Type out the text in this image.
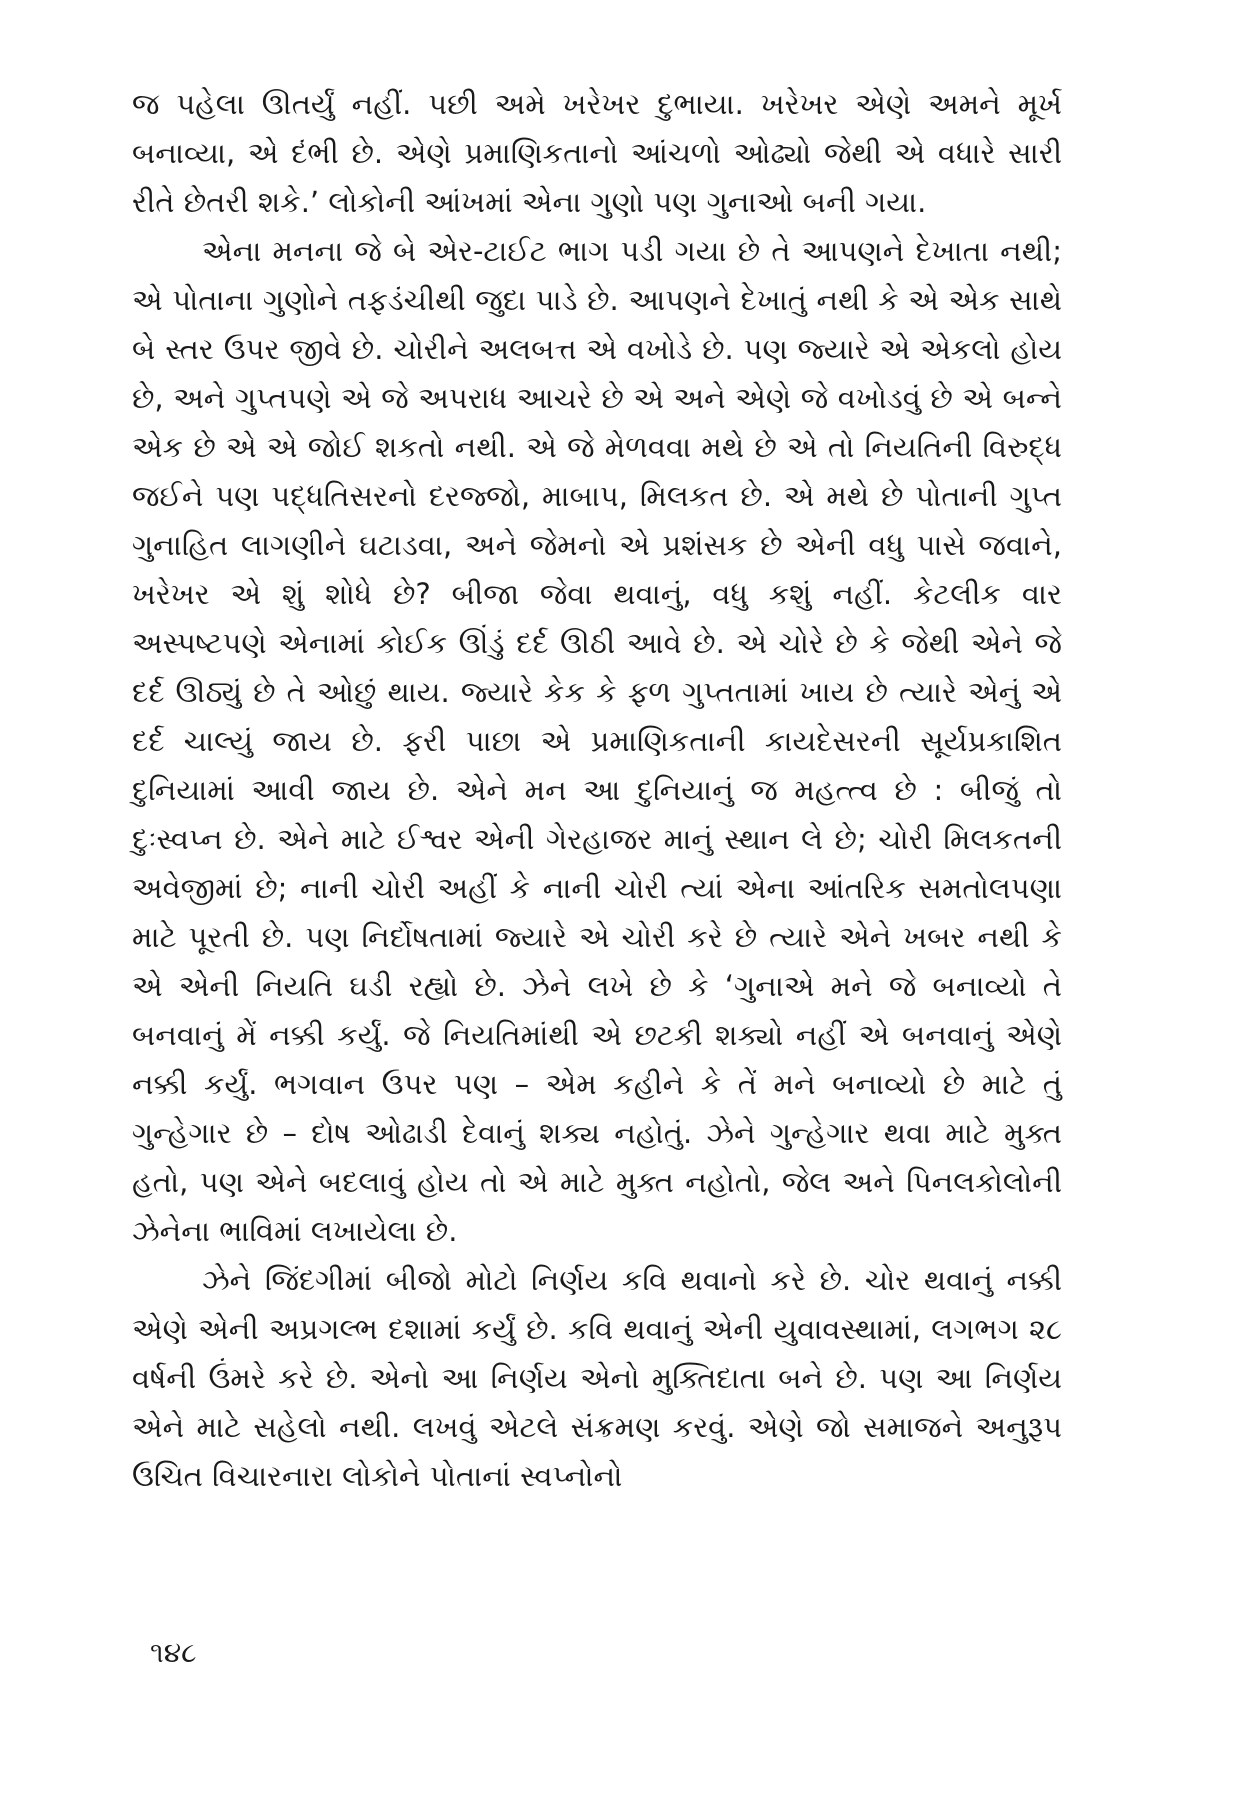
જ પહેલા ઊતર્યું નહીં. પછી અમે ખરેખર દુભાયા. ખરેખર એણે અમને મૂર્ખ બનાવ્યા, એ દંભી છે. એણે પ્રમાણિકતાનો આંચળો ઓઢ્યો જેથી એ વધારે સારી રીતે છેતરી શકે.’ લોકોની આંખમાં એના ગુણો પણ ગુનાઓ બની ગયા.

એના મનના જે બે એર-ટાઈટ ભાગ પડી ગયા છે તે આપણને દેખાતા નથી; એ પોતાના ગુણોને તફડંચીથી જુદા પાડે છે. આપણને દેખાતું નથી કે એ એક સાથે બે સ્તર ઉપર જીવે છે. ચોરીને અલબત્ત એ વખોડે છે. પણ જ્યારે એ એકલો હોય છે, અને ગુપ્તપણે એ જે અપરાધ આચરે છે એ અને એણે જે વખોડવું છે એ બન્ને એક છે એ એ જોઈ શકતો નથી. એ જે મેળવવા મથે છે એ તો નિયતિની વિરુદ્ધ જઈને પણ પદ્ધતિસરનો દરજ્જો, માબાપ, મિલકત છે. એ મથે છે પોતાની ગુપ્ત ગુનાહિત લાગણીને ઘટાડવા, અને જેમનો એ પ્રશંસક છે એની વધુ પાસે જવાને, ખરેખર એ શું શોધે છે? બીજા જેવા થવાનું, વધુ કશું નહીં. કેટલીક વાર અસ્પષ્ટપણે એનામાં કોઈક ઊંડું દર્દ ઊઠી આવે છે. એ ચોરે છે કે જેથી એને જે દર્દ ઊઠ્યું છે તે ઓછું થાય. જ્યારે કેક કે ફળ ગુપ્તતામાં ખાય છે ત્યારે એનું એ દર્દ ચાલ્યું જાય છે. ફરી પાછા એ પ્રમાણિકતાની કાયદેસરની સૂર્યપ્રકાશિત દુનિયામાં આવી જાય છે. એને મન આ દુનિયાનું જ મહત્ત્વ છે : બીજું તો દુઃસ્વપ્ન છે. એને માટે ઈશ્વર એની ગેરહાજર માનું સ્થાન લે છે; ચોરી મિલકતની અવેજીમાં છે; નાની ચોરી અહીં કે નાની ચોરી ત્યાં એના આંતરિક સમતોલપણા માટે પૂરતી છે. પણ નિર્દોષતામાં જ્યારે એ ચોરી કરે છે ત્યારે એને ખબર નથી કે એ એની નિયતિ ઘડી રહ્યો છે. ઝેને લખે છે કે ‘ગુનાએ મને જે બનાવ્યો તે બનવાનું મેં નક્કી કર્યું. જે નિયતિમાંથી એ છટકી શક્યો નહીં એ બનવાનું એણે નક્કી કર્યું. ભગવાન ઉપર પણ – એમ કહીને કે તેં મને બનાવ્યો છે માટે તું ગુન્હેગાર છે – દોષ ઓઢાડી દેવાનું શક્ય નહોતું. ઝેને ગુન્હેગાર થવા માટે મુક્ત હતો, પણ એને બદલાવું હોય તો એ માટે મુક્ત નહોતો, જેલ અને પિનલકોલોની ઝેનેના ભાવિમાં લખાયેલા છે.

ઝેને જિંદગીમાં બીજો મોટો નિર્ણય કવિ થવાનો કરે છે. ચોર થવાનું નક્કી એણે એની અપ્રગલ્ભ દશામાં કર્યું છે. કવિ થવાનું એની યુવાવસ્થામાં, લગભગ ૨૮ વર્ષની ઉંમરે કરે છે. એનો આ નિર્ણય એનો મુક્તિદાતા બને છે. પણ આ નિર્ણય એને માટે સહેલો નથી. લખવું એટલે સંક્રમણ કરવું. એણે જો સમાજને અનુરૂપ ઉચિત વિચારનારા લોકોને પોતાનાં સ્વપ્નોનો

૧૪૮
